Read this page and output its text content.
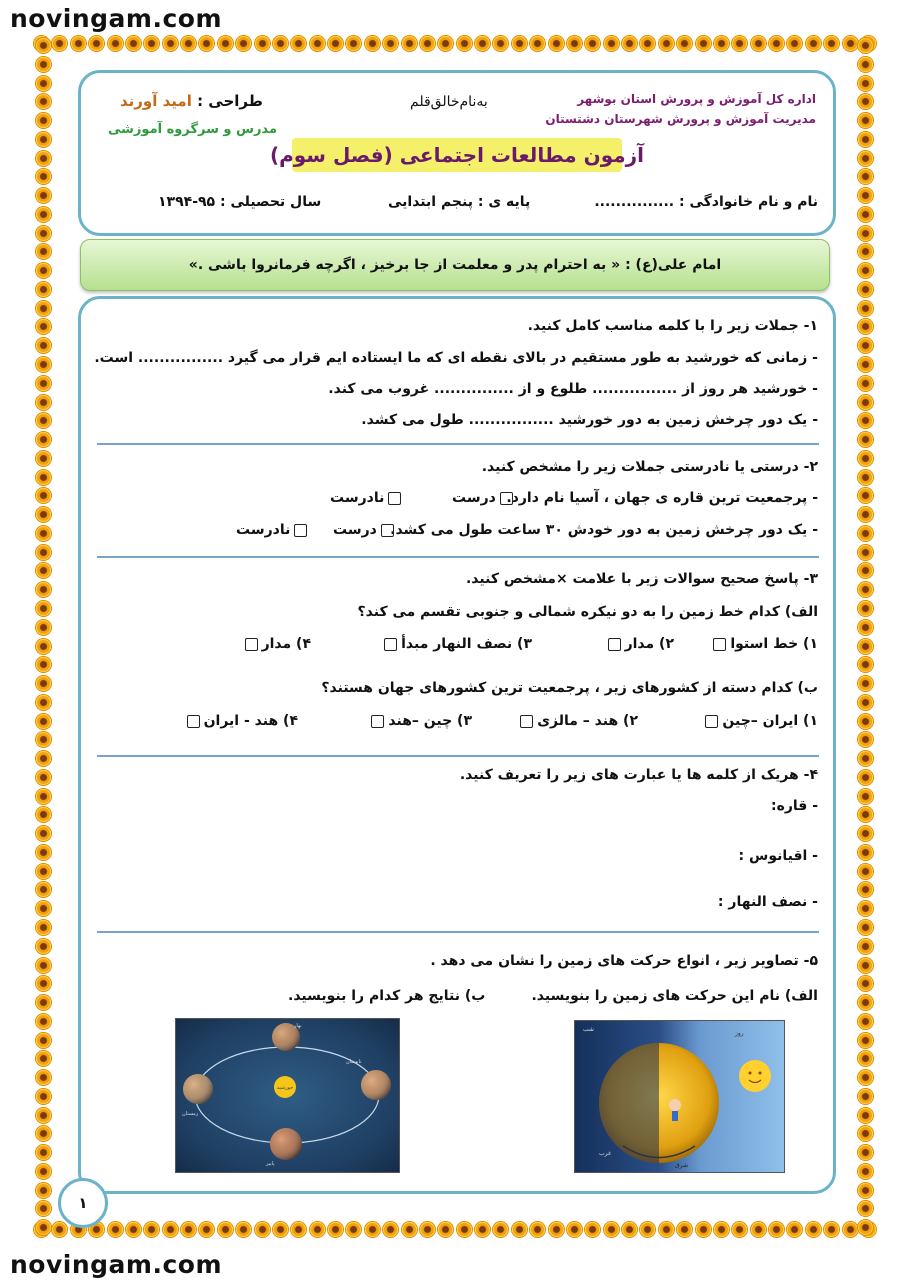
novingam.com
novingam.com
اداره کل آموزش و پرورش استان بوشهر
مدیریت آموزش و پرورش شهرستان دشتستان
به‌نام‌خالق‌قلم
طراحی : امید آورند
مدرس و سرگروه آموزشی
آزمون مطالعات اجتماعی (فصل سوم)
نام و نام خانوادگی : ...............
پایه ی : پنجم ابتدایی
سال تحصیلی : ۹۵-۱۳۹۴
امام علی(ع) : « به احترام پدر و معلمت از جا برخیز ، اگرچه فرمانروا باشی .»
۱- جملات زیر را با کلمه مناسب کامل کنید.
- زمانی که خورشید به طور مستقیم در بالای نقطه ای که ما ایستاده ایم قرار می گیرد ................ است.
- خورشید هر روز از ................ طلوع و از ............... غروب می کند.
- یک دور چرخش زمین به دور خورشید ................ طول می کشد.
۲- درستی یا نادرستی جملات زیر را مشخص کنید.
- پرجمعیت ترین قاره ی جهان ، آسیا نام دارد.
درست
نادرست
- یک دور چرخش زمین به دور خودش ۳۰ ساعت طول می کشد.
درست
نادرست
۳- پاسخ صحیح سوالات زیر با علامت ×مشخص کنید.
الف) کدام خط زمین را به دو نیکره شمالی و جنوبی تقسم می کند؟
۱) خط استوا
۲) مدار
۳) نصف النهار مبدأ
۴) مدار
ب) کدام دسته از کشورهای زیر ، پرجمعیت ترین کشورهای جهان هستند؟
۱) ایران –چین
۲) هند – مالزی
۳) چین –هند
۴) هند - ایران
۴- هریک از کلمه ها یا عبارت های زیر را تعریف کنید.
- قاره:
- اقیانوس :
- نصف النهار :
۵- تصاویر زیر ، انواع حرکت های زمین را نشان می دهد .
الف) نام این حرکت های زمین را بنویسید.
ب) نتایج هر کدام را بنویسید.
خورشید
بهار
تابستان
زمستان
پاییز
شب
روز
غرب
شرق
۱
